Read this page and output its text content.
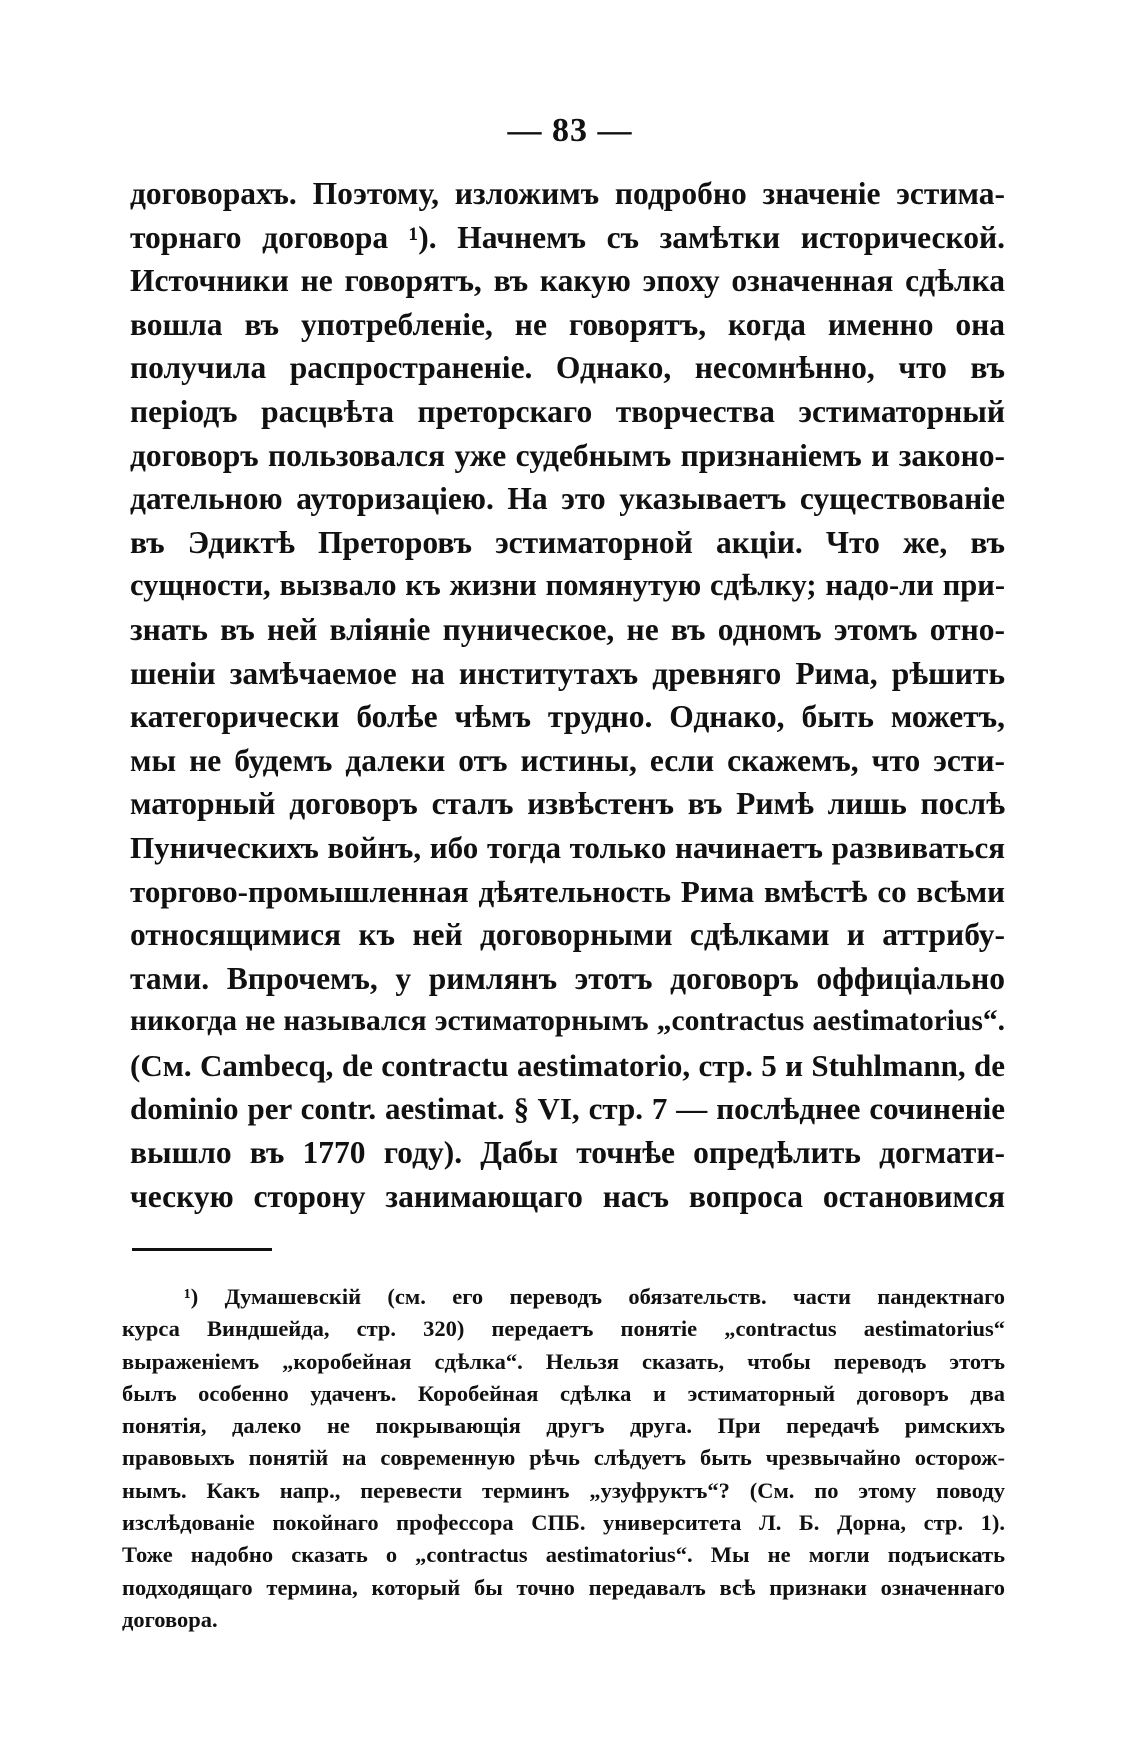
— 83 —
договорахъ. Поэтому, изложимъ подробно значеніе эстима-
торнаго договора ¹). Начнемъ съ замѣтки исторической.
Источники не говорятъ, въ какую эпоху означенная сдѣлка
вошла въ употребленіе, не говорятъ, когда именно она
получила распространеніе. Однако, несомнѣнно, что въ
періодъ расцвѣта преторскаго творчества эстиматорный
договоръ пользовался уже судебнымъ признаніемъ и законо-
дательною ауторизаціею. На это указываетъ существованіе
въ Эдиктѣ Преторовъ эстиматорной акціи. Что же, въ
сущности, вызвало къ жизни помянутую сдѣлку; надо-ли при-
знать въ ней вліяніе пуническое, не въ одномъ этомъ отно-
шеніи замѣчаемое на институтахъ древняго Рима, рѣшить
категорически болѣе чѣмъ трудно. Однако, быть можетъ,
мы не будемъ далеки отъ истины, если скажемъ, что эсти-
маторный договоръ сталъ извѣстенъ въ Римѣ лишь послѣ
Пуническихъ войнъ, ибо тогда только начинаетъ развиваться
торгово-промышленная дѣятельность Рима вмѣстѣ со всѣми
относящимися къ ней договорными сдѣлками и аттрибу-
тами. Впрочемъ, у римлянъ этотъ договоръ оффиціально
никогда не назывался эстиматорнымъ „contractus aestimatorius“.
(См. Cambecq, de contractu aestimatorio, стр. 5 и Stuhlmann, de
dominio per contr. aestimat. § VI, стр. 7 — послѣднее сочиненіе
вышло въ 1770 году). Дабы точнѣе опредѣлить догмати-
ческую сторону занимающаго насъ вопроса остановимся
¹) Думашевскій (см. его переводъ обязательств. части пандектнаго
курса Виндшейда, стр. 320) передаетъ понятіе „contractus aestimatorius“
выраженіемъ „коробейная сдѣлка“. Нельзя сказать, чтобы переводъ этотъ
былъ особенно удаченъ. Коробейная сдѣлка и эстиматорный договоръ два
понятія, далеко не покрывающія другъ друга. При передачѣ римскихъ
правовыхъ понятій на современную рѣчь слѣдуетъ быть чрезвычайно осторож-
нымъ. Какъ напр., перевести терминъ „узуфруктъ“? (См. по этому поводу
изслѣдованіе покойнаго профессора СПБ. университета Л. Б. Дорна, стр. 1).
Тоже надобно сказать о „contractus aestimatorius“. Мы не могли подъискать
подходящаго термина, который бы точно передавалъ всѣ признаки означеннаго
договора.
